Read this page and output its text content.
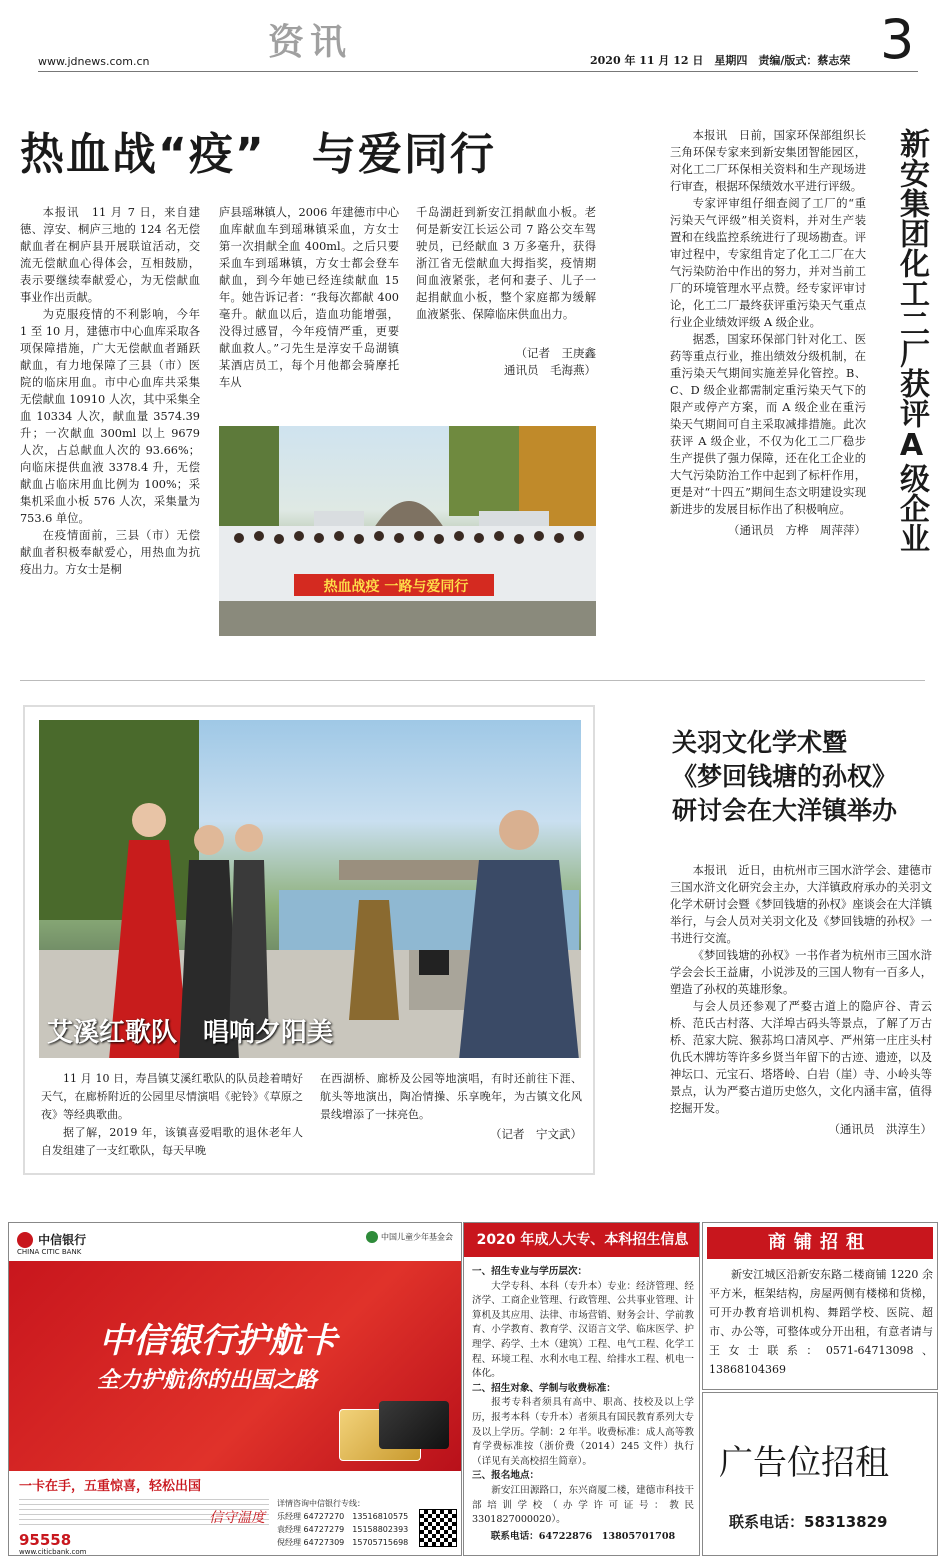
www.jdnews.com.cn	资讯	2020 年 11 月 12 日　星期四　责编/版式：蔡志荣 3
热血战“疫”　与爱同行

本报讯　11 月 7 日，来自建德、淳安、桐庐三地的 124 名无偿献血者在桐庐县开展联谊活动，交流无偿献血心得体会，互相鼓励，表示要继续奉献爱心，为无偿献血事业作出贡献。

为克服疫情的不利影响，今年 1 至 10 月，建德市中心血库采取各项保障措施，广大无偿献血者踊跃献血，有力地保障了三县（市）医院的临床用血。市中心血库共采集无偿献血 10910 人次，其中采集全血 10334 人次，献血量 3574.39 升；一次献血 300ml 以上 9679 人次，占总献血人次的 93.66%；向临床提供血液 3378.4 升，无偿献血占临床用血比例为 100%；采集机采血小板 576 人次，采集量为 753.6 单位。

在疫情面前，三县（市）无偿献血者积极奉献爱心，用热血为抗疫出力。方女士是桐

庐县瑶琳镇人，2006 年建德市中心血库献血车到瑶琳镇采血，方女士第一次捐献全血 400ml。之后只要采血车到瑶琳镇，方女士都会登车献血，到今年她已经连续献血 15 年。她告诉记者：“我每次都献 400 毫升。献血以后，造血功能增强，没得过感冒，今年疫情严重，更要献血救人。”刁先生是淳安千岛湖镇某酒店员工，每个月他都会骑摩托车从

千岛湖赶到新安江捐献血小板。老何是新安江长运公司 7 路公交车驾驶员，已经献血 3 万多毫升，获得浙江省无偿献血大拇指奖，疫情期间血液紧张，老何和妻子、儿子一起捐献血小板，整个家庭都为缓解血液紧张、保障临床供血出力。

（记者　王庚鑫
通讯员　毛海燕）
热血战疫 一路与爱同行

本报讯　日前，国家环保部组织长三角环保专家来到新安集团智能园区，对化工二厂环保相关资料和生产现场进行审查，根据环保绩效水平进行评级。

专家评审组仔细查阅了工厂的“重污染天气评级”相关资料，并对生产装置和在线监控系统进行了现场勘查。评审过程中，专家组肯定了化工二厂在大气污染防治中作出的努力，并对当前工厂的环境管理水平点赞。经专家评审讨论，化工二厂最终获评重污染天气重点行业企业绩效评级 A 级企业。

据悉，国家环保部门针对化工、医药等重点行业，推出绩效分级机制，在重污染天气期间实施差异化管控。B、C、D 级企业都需制定重污染天气下的限产或停产方案，而 A 级企业在重污染天气期间可自主采取减排措施。此次获评 A 级企业，不仅为化工二厂稳步生产提供了强力保障，还在化工企业的大气污染防治工作中起到了标杆作用，更是对“十四五”期间生态文明建设实现新进步的发展目标作出了积极响应。

（通讯员　方桦　周萍萍） 新安集团化工二厂获评A级企业
艾溪红歌队　唱响夕阳美

11 月 10 日，寿昌镇艾溪红歌队的队员趁着晴好天气，在廊桥附近的公园里尽情演唱《驼铃》《草原之夜》等经典歌曲。

据了解，2019 年，该镇喜爱唱歌的退休老年人自发组建了一支红歌队，每天早晚

在西湖桥、廊桥及公园等地演唱，有时还前往下涯、航头等地演出，陶冶情操、乐享晚年，为古镇文化风景线增添了一抹亮色。

（记者　宁文武）
关羽文化学术暨
《梦回钱塘的孙权》
研讨会在大洋镇举办

本报讯　近日，由杭州市三国水浒学会、建德市三国水浒文化研究会主办，大洋镇政府承办的关羽文化学术研讨会暨《梦回钱塘的孙权》座谈会在大洋镇举行，与会人员对关羽文化及《梦回钱塘的孙权》一书进行交流。

《梦回钱塘的孙权》一书作者为杭州市三国水浒学会会长王益庸，小说涉及的三国人物有一百多人，塑造了孙权的英雄形象。

与会人员还参观了严婺古道上的隐庐谷、青云桥、范氏古村落、大洋埠古码头等景点，了解了万古桥、范家大院、猴荪坞口凊风亭、严州第一庄庄头村仇氏木牌坊等许多乡贤当年留下的古迹、遗迹，以及神坛口、元宝石、塔塔岭、白岩（崖）寺、小岭头等景点，认为严婺古道历史悠久，文化内涵丰富，值得挖掘开发。

（通讯员　洪淳生）
中信银行
CHINA CITIC BANK
中国儿童少年基金会
中信银行护航卡
全力护航你的出国之路
一卡在手，五重惊喜，轻松出国
95558
www.citicbank.com
信守温度
详情咨询中信银行专线：
乐经理 64727270　13516810575
袁经理 64727279　15158802393
倪经理 64727309　15705715698
2020 年成人大专、本科招生信息
一、招生专业与学历层次：
大学专科、本科（专升本）专业：经济管理、经济学、工商企业管理、行政管理、公共事业管理、计算机及其应用、法律、市场营销、财务会计、学前教育、小学教育、教育学、汉语言文学、临床医学、护理学、药学、土木（建筑）工程、电气工程、化学工程、环境工程、水利水电工程、给排水工程、机电一体化。
二、招生对象、学制与收费标准：
报考专科者须具有高中、职高、技校及以上学历，报考本科（专升本）者须具有国民教育系列大专及以上学历。学制：2 年半。收费标准：成人高等教育学费标准按（浙价费（2014）245 文件）执行（详见有关高校招生简章）。
三、报名地点：
新安江田源路口，东兴商厦二楼，建德市科技干部培训学校（办学许可证号：教民 3301827000020）。
联系电话：64722876　13805701708
商铺招租
新安江城区沿新安东路二楼商铺 1220 余平方米，框架结构，房屋两侧有楼梯和货梯，可开办教育培训机构、舞蹈学校、医院、超市、办公等，可整体或分开出租，有意者请与王女士联系：0571-64713098、13868104369
广告位招租
联系电话：58313829
